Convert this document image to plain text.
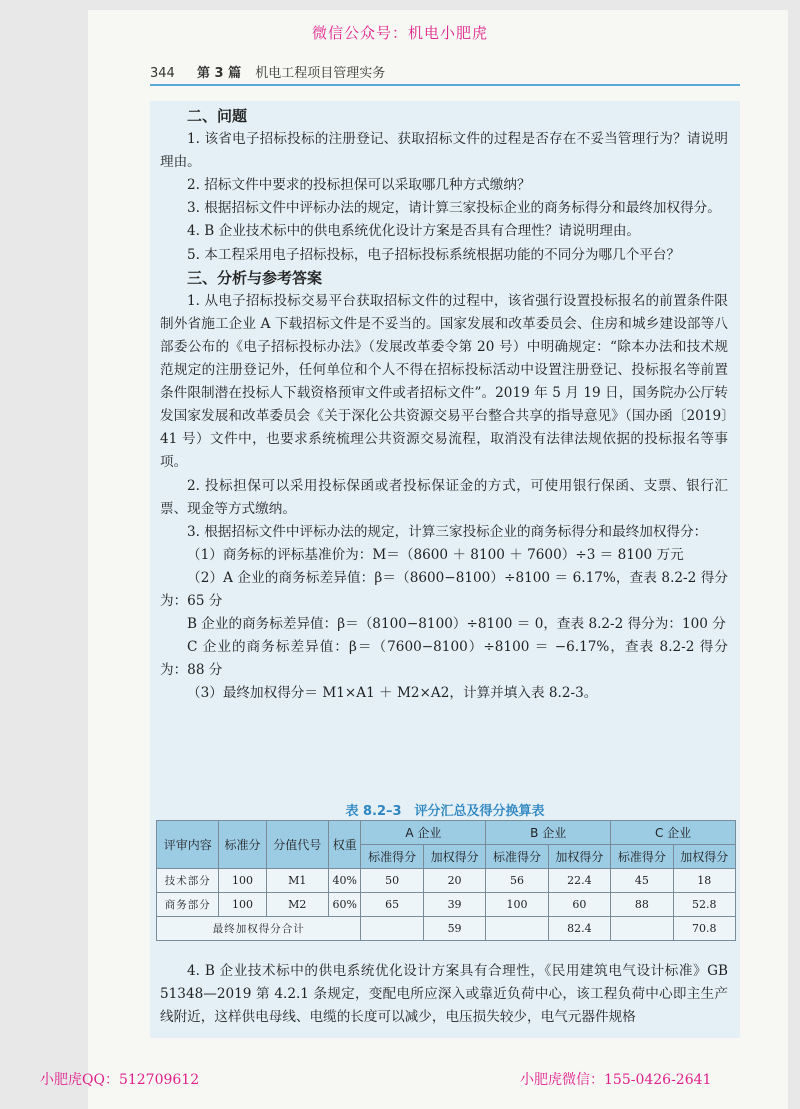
微信公众号：机电小肥虎
344 第 3 篇 机电工程项目管理实务
二、问题

1. 该省电子招标投标的注册登记、获取招标文件的过程是否存在不妥当管理行为？请说明理由。

2. 招标文件中要求的投标担保可以采取哪几种方式缴纳？

3. 根据招标文件中评标办法的规定，请计算三家投标企业的商务标得分和最终加权得分。

4. B 企业技术标中的供电系统优化设计方案是否具有合理性？请说明理由。

5. 本工程采用电子招标投标，电子招标投标系统根据功能的不同分为哪几个平台？

三、分析与参考答案

1. 从电子招标投标交易平台获取招标文件的过程中，该省强行设置投标报名的前置条件限制外省施工企业 A 下载招标文件是不妥当的。国家发展和改革委员会、住房和城乡建设部等八部委公布的《电子招标投标办法》（发展改革委令第 20 号）中明确规定：“除本办法和技术规范规定的注册登记外，任何单位和个人不得在招标投标活动中设置注册登记、投标报名等前置条件限制潜在投标人下载资格预审文件或者招标文件”。2019 年 5 月 19 日，国务院办公厅转发国家发展和改革委员会《关于深化公共资源交易平台整合共享的指导意见》（国办函〔2019〕41 号）文件中，也要求系统梳理公共资源交易流程，取消没有法律法规依据的投标报名等事项。

2. 投标担保可以采用投标保函或者投标保证金的方式，可使用银行保函、支票、银行汇票、现金等方式缴纳。

3. 根据招标文件中评标办法的规定，计算三家投标企业的商务标得分和最终加权得分：

（1）商务标的评标基准价为：M＝（8600 ＋ 8100 ＋ 7600）÷3 ＝ 8100 万元

（2）A 企业的商务标差异值：β＝（8600−8100）÷8100 ＝ 6.17%，查表 8.2-2 得分为：65 分

B 企业的商务标差异值：β＝（8100−8100）÷8100 ＝ 0，查表 8.2-2 得分为：100 分

C 企业的商务标差异值：β＝（7600−8100）÷8100 ＝ −6.17%，查表 8.2-2 得分为：88 分

（3）最终加权得分＝ M1×A1 ＋ M2×A2，计算并填入表 8.2-3。

表 8.2–3　评分汇总及得分换算表
评审内容	标准分	分值代号	权重	A 企业		B 企业		C 企业	
				标准得分	加权得分	标准得分	加权得分	标准得分	加权得分
技术部分	100	M1	40%	50	20	56	22.4	45	18
商务部分	100	M2	60%	65	39	100	60	88	52.8
最终加权得分合计					59		82.4		70.8

4. B 企业技术标中的供电系统优化设计方案具有合理性，《民用建筑电气设计标准》GB 51348—2019 第 4.2.1 条规定，变配电所应深入或靠近负荷中心，该工程负荷中心即主生产线附近，这样供电母线、电缆的长度可以减少，电压损失较少，电气元器件规格

小肥虎QQ：512709612	小肥虎微信：155-0426-2641
